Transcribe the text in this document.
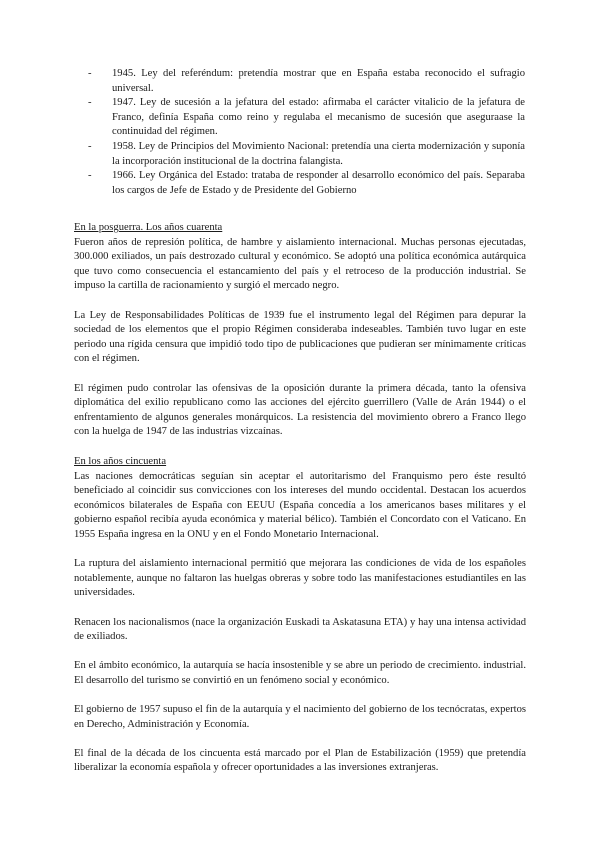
- 1945. Ley del referéndum: pretendía mostrar que en España estaba reconocido el sufragio universal.
- 1947. Ley de sucesión a la jefatura del estado: afirmaba el carácter vitalicio de la jefatura de Franco, definía España como reino y regulaba el mecanismo de sucesión que aseguraase la continuidad del régimen.
- 1958. Ley de Principios del Movimiento Nacional: pretendía una cierta modernización y suponía la incorporación institucional de la doctrina falangista.
- 1966. Ley Orgánica del Estado: trataba de responder al desarrollo económico del país. Separaba los cargos de Jefe de Estado y de Presidente del Gobierno

En la posguerra. Los años cuarenta

Fueron años de represión política, de hambre y aislamiento internacional. Muchas personas ejecutadas, 300.000 exiliados, un país destrozado cultural y económico. Se adoptó una política económica autárquica que tuvo como consecuencia el estancamiento del país y el retroceso de la producción industrial. Se impuso la cartilla de racionamiento y surgió el mercado negro.

La Ley de Responsabilidades Políticas de 1939 fue el instrumento legal del Régimen para depurar la sociedad de los elementos que el propio Régimen consideraba indeseables. También tuvo lugar en este periodo una rígida censura que impidió todo tipo de publicaciones que pudieran ser mínimamente críticas con el régimen.

El régimen pudo controlar las ofensivas de la oposición durante la primera década, tanto la ofensiva diplomática del exilio republicano como las acciones del ejército guerrillero (Valle de Arán 1944) o el enfrentamiento de algunos generales monárquicos. La resistencia del movimiento obrero a Franco llego con la huelga de 1947 de las industrias vizcaínas.

En los años cincuenta

Las naciones democráticas seguían sin aceptar el autoritarismo del Franquismo pero éste resultó beneficiado al coincidir sus convicciones con los intereses del mundo occidental. Destacan los acuerdos económicos bilaterales de España con EEUU (España concedía a los americanos bases militares y el gobierno español recibía ayuda económica y material bélico). También el Concordato con el Vaticano. En 1955 España ingresa en la ONU y en el Fondo Monetario Internacional.

La ruptura del aislamiento internacional permitió que mejorara las condiciones de vida de los españoles notablemente, aunque no faltaron las huelgas obreras y sobre todo las manifestaciones estudiantiles en las universidades.

Renacen los nacionalismos (nace la organización Euskadi ta Askatasuna ETA) y hay una intensa actividad de exiliados.

En el ámbito económico, la autarquía se hacía insostenible y se abre un periodo de crecimiento. industrial. El desarrollo del turismo se convirtió en un fenómeno social y económico.

El gobierno de 1957 supuso el fin de la autarquía y el nacimiento del gobierno de los tecnócratas, expertos en Derecho, Administración y Economía.

El final de la década de los cincuenta está marcado por el Plan de Estabilización (1959) que pretendía liberalizar la economía española y ofrecer oportunidades a las inversiones extranjeras.
